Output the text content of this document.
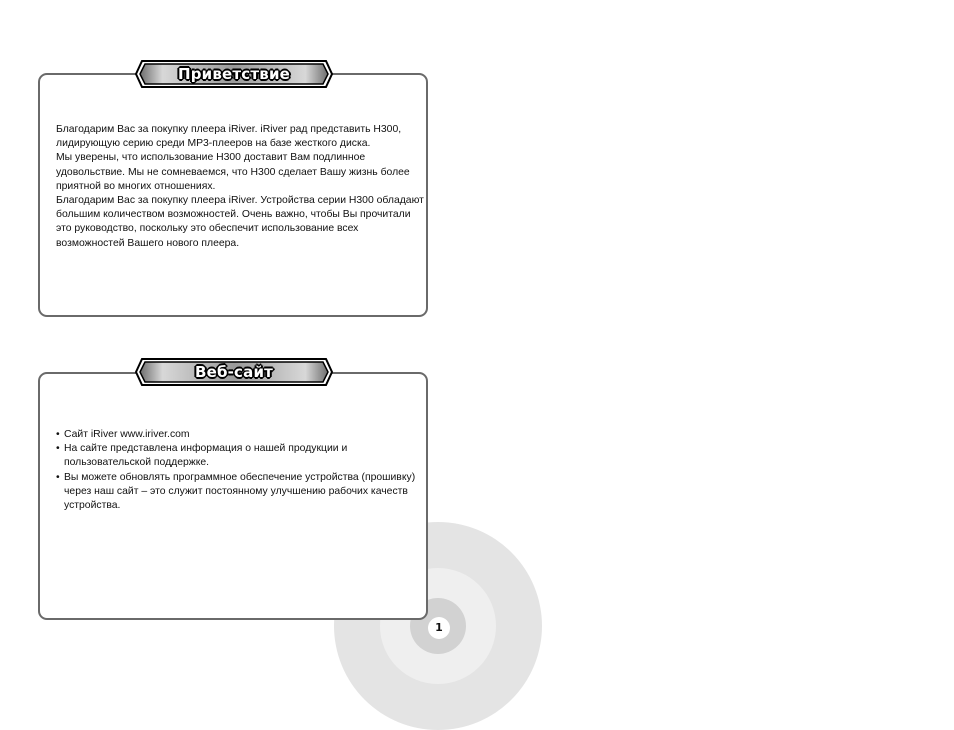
Благодарим Вас за покупку плеера iRiver. iRiver рад представить H300, лидирующую серию среди MP3-плееров на базе жесткого диска.

Мы уверены, что использование H300 доставит Вам подлинное удовольствие. Мы не сомневаемся, что H300 сделает Вашу жизнь более приятной во многих отношениях.

Благодарим Вас за покупку плеера iRiver. Устройства серии H300 обладают большим количеством возможностей. Очень важно, чтобы Вы прочитали это руководство, поскольку это обеспечит использование всех возможностей Вашего нового плеера.

Приветствие
• Сайт iRiver www.iriver.com
• На сайте представлена информация о нашей продукции и пользовательской поддержке.
• Вы можете обновлять программное обеспечение устройства (прошивку) через наш сайт – это служит постоянному улучшению рабочих качеств устройства.
Веб-сайт
1
